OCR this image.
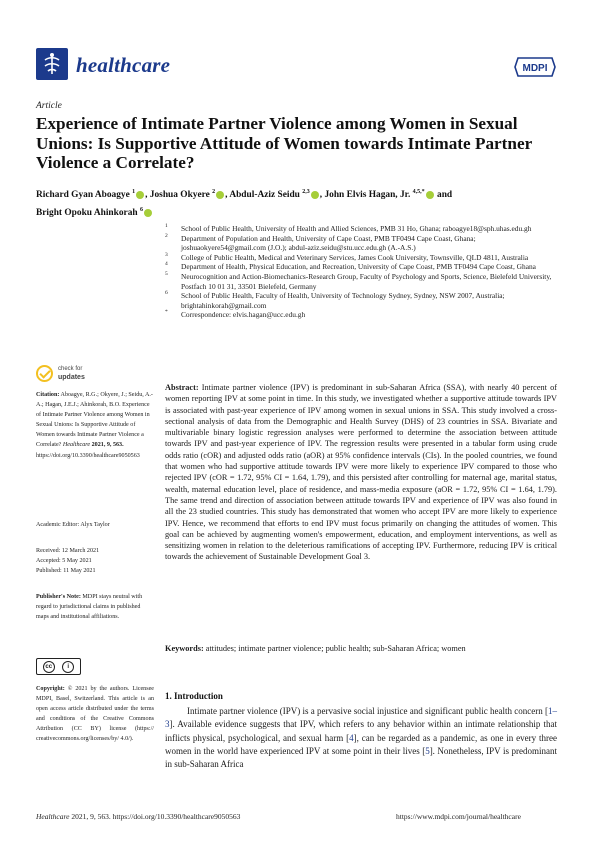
healthcare	MDPI
Article
Experience of Intimate Partner Violence among Women in Sexual Unions: Is Supportive Attitude of Women towards Intimate Partner Violence a Correlate?
Richard Gyan Aboagye $^1$ , Joshua Okyere $^2$ , Abdul-Aziz Seidu $^{2,3}$ , John Elvis Hagan, Jr. $^{4,5,*}$ and
Bright Opoku Ahinkorah $^6$
1 School of Public Health, University of Health and Allied Sciences, PMB 31 Ho, Ghana; raboagye18@sph.uhas.edu.gh
2 Department of Population and Health, University of Cape Coast, PMB TF0494 Cape Coast, Ghana; joshuaokyere54@gmail.com (J.O.); abdul-aziz.seidu@stu.ucc.edu.gh (A.-A.S.)
3 College of Public Health, Medical and Veterinary Services, James Cook University, Townsville, QLD 4811, Australia
4 Department of Health, Physical Education, and Recreation, University of Cape Coast, PMB TF0494 Cape Coast, Ghana
5 Neurocognition and Action-Biomechanics-Research Group, Faculty of Psychology and Sports, Science, Bielefeld University, Postfach 10 01 31, 33501 Bielefeld, Germany
6 School of Public Health, Faculty of Health, University of Technology Sydney, Sydney, NSW 2007, Australia; brightahinkorah@gmail.com
* Correspondence: elvis.hagan@ucc.edu.gh
check for
updates
Citation: Aboagye, R.G.; Okyere, J.; Seidu, A.-A.; Hagan, J.E.J.; Ahinkorah, B.O. Experience of Intimate Partner Violence among Women in Sexual Unions: Is Supportive Attitude of Women towards Intimate Partner Violence a Correlate? Healthcare 2021, 9, 563. https://doi.org/10.3390/healthcare9050563
Academic Editor: Alyx Taylor
Received: 12 March 2021
Accepted: 5 May 2021
Published: 11 May 2021
Publisher's Note: MDPI stays neutral with regard to jurisdictional claims in published maps and institutional affiliations.
cc	i
Copyright: © 2021 by the authors. Licensee MDPI, Basel, Switzerland. This article is an open access article distributed under the terms and conditions of the Creative Commons Attribution (CC BY) license (https:// creativecommons.org/licenses/by/ 4.0/).
Abstract: Intimate partner violence (IPV) is predominant in sub-Saharan Africa (SSA), with nearly 40 percent of women reporting IPV at some point in time. In this study, we investigated whether a supportive attitude towards IPV is associated with past-year experience of IPV among women in sexual unions in SSA. This study involved a cross-sectional analysis of data from the Demographic and Health Survey (DHS) of 23 countries in SSA. Bivariate and multivariable binary logistic regression analyses were performed to determine the association between attitude towards IPV and past-year experience of IPV. The regression results were presented in a tabular form using crude odds ratio (cOR) and adjusted odds ratio (aOR) at 95% confidence intervals (CIs). In the pooled countries, we found that women who had supportive attitude towards IPV were more likely to experience IPV compared to those who rejected IPV (cOR = 1.72, 95% CI = 1.64, 1.79), and this persisted after controlling for maternal age, marital status, wealth, maternal education level, place of residence, and mass-media exposure (aOR = 1.72, 95% CI = 1.64, 1.79). The same trend and direction of association between attitude towards IPV and experience of IPV was also found in all the 23 studied countries. This study has demonstrated that women who accept IPV are more likely to experience IPV. Hence, we recommend that efforts to end IPV must focus primarily on changing the attitudes of women. This goal can be achieved by augmenting women's empowerment, education, and employment interventions, as well as sensitizing women in relation to the deleterious ramifications of accepting IPV. Furthermore, reducing IPV is critical towards the achievement of Sustainable Development Goal 3.
Keywords: attitudes; intimate partner violence; public health; sub-Saharan Africa; women
1. Introduction
Intimate partner violence (IPV) is a pervasive social injustice and significant public health concern [1–3]. Available evidence suggests that IPV, which refers to any behavior within an intimate relationship that inflicts physical, psychological, and sexual harm [4], can be regarded as a pandemic, as one in every three women in the world have experienced IPV at some point in their lives [5]. Nonetheless, IPV is predominant in sub-Saharan Africa
Healthcare 2021, 9, 563. https://doi.org/10.3390/healthcare9050563	https://www.mdpi.com/journal/healthcare
